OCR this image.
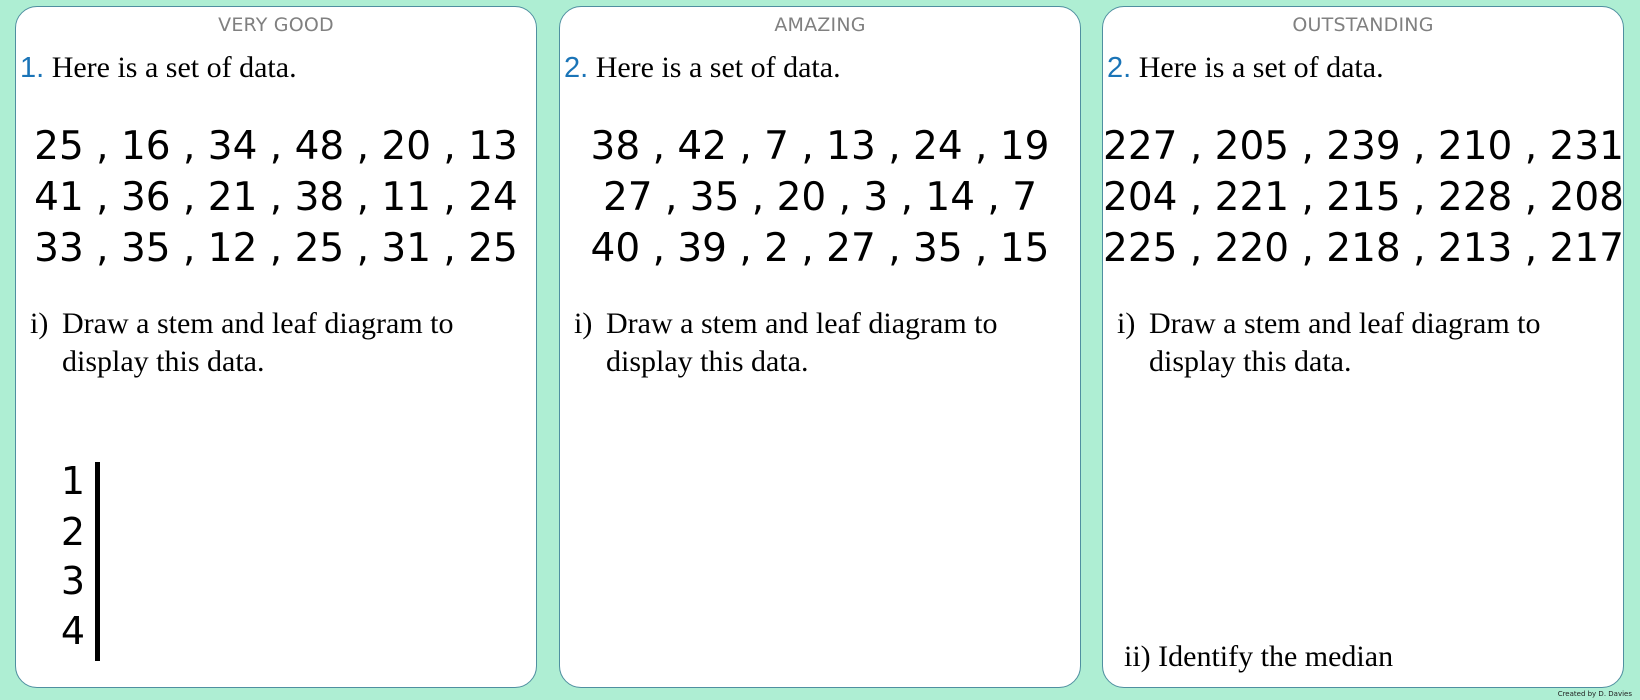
VERY GOOD
1. Here is a set of data.
25 , 16 , 34 , 48 , 20 , 13
41 , 36 , 21 , 38 , 11 , 24
33 , 35 , 12 , 25 , 31 , 25
i) Draw a stem and leaf diagram to display this data.
1
2
3
4
AMAZING
2. Here is a set of data.
38 , 42 , 7 , 13 , 24 , 19
27 , 35 , 20 , 3 , 14 , 7
40 , 39 , 2 , 27 , 35 , 15
i) Draw a stem and leaf diagram to display this data.
OUTSTANDING
2. Here is a set of data.
227 , 205 , 239 , 210 , 231
204 , 221 , 215 , 228 , 208
225 , 220 , 218 , 213 , 217
i) Draw a stem and leaf diagram to display this data.
ii) Identify the median
Created by D. Davies
